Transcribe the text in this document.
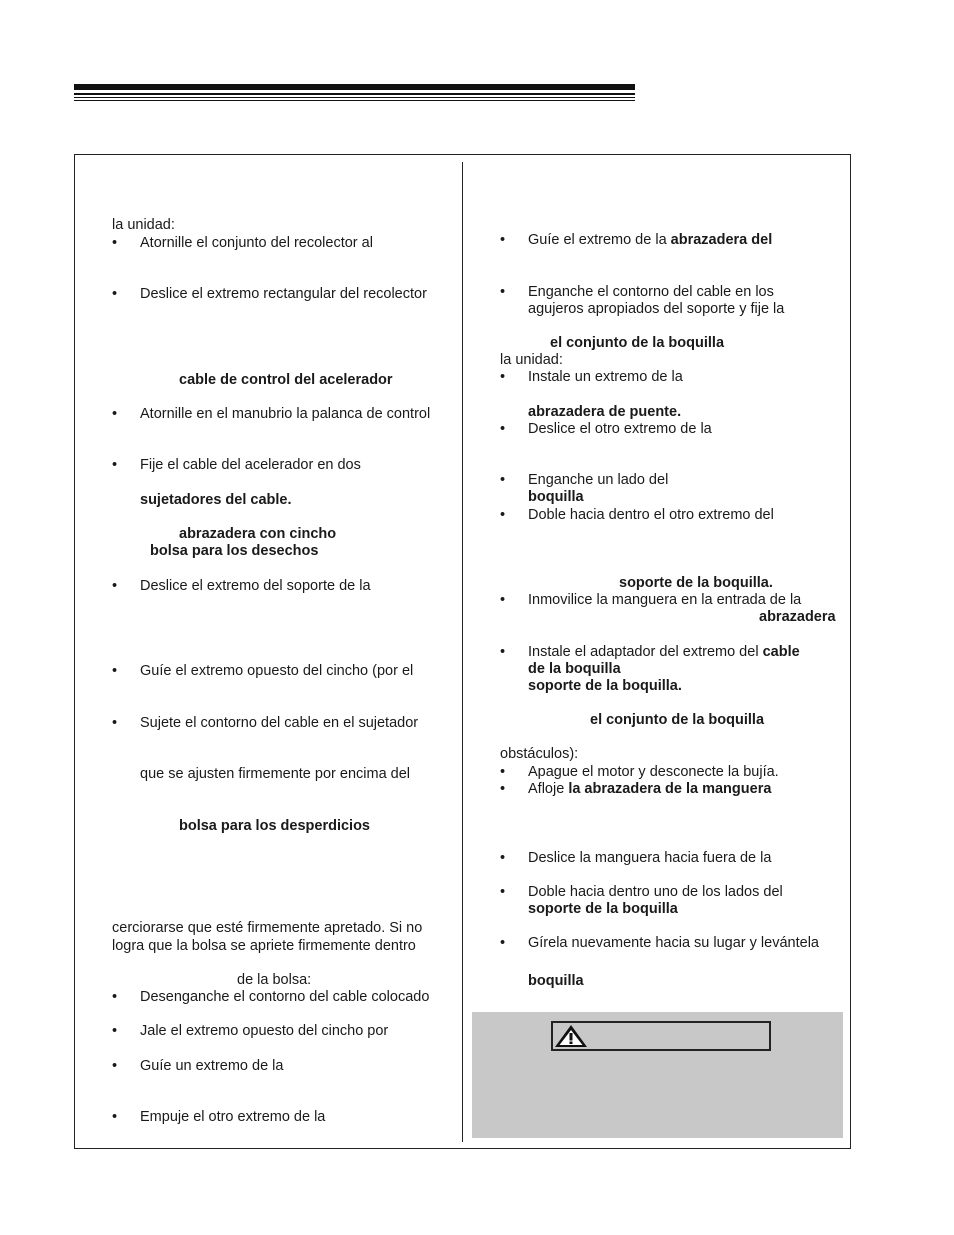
la unidad:
• Atornille el conjunto del recolector al
• Deslice el extremo rectangular del recolector
cable de control del acelerador
• Atornille en el manubrio la palanca de control
• Fije el cable del acelerador en dos
sujetadores del cable.
abrazadera con cincho
bolsa para los desechos
• Deslice el extremo del soporte de la
• Guíe el extremo opuesto del cincho (por el
• Sujete el contorno del cable en el sujetador
que se ajusten firmemente por encima del
bolsa para los desperdicios
cerciorarse que esté firmemente apretado. Si no
logra que la bolsa se apriete firmemente dentro
de la bolsa:
• Desenganche el contorno del cable colocado
• Jale el extremo opuesto del cincho por
• Guíe un extremo de la
• Empuje el otro extremo de la
• Guíe el extremo de la abrazadera del
• Enganche el contorno del cable en los
agujeros apropiados del soporte y fije la
el conjunto de la boquilla
la unidad:
• Instale un extremo de la
abrazadera de puente.
• Deslice el otro extremo de la
• Enganche un lado del
boquilla
• Doble hacia dentro el otro extremo del
soporte de la boquilla.
• Inmovilice la manguera en la entrada de la
abrazadera
• Instale el adaptador del extremo del cable
de la boquilla
soporte de la boquilla.
el conjunto de la boquilla
obstáculos):
• Apague el motor y desconecte la bujía.
• Afloje la abrazadera de la manguera
• Deslice la manguera hacia fuera de la
• Doble hacia dentro uno de los lados del
soporte de la boquilla
• Gírela nuevamente hacia su lugar y levántela
boquilla
